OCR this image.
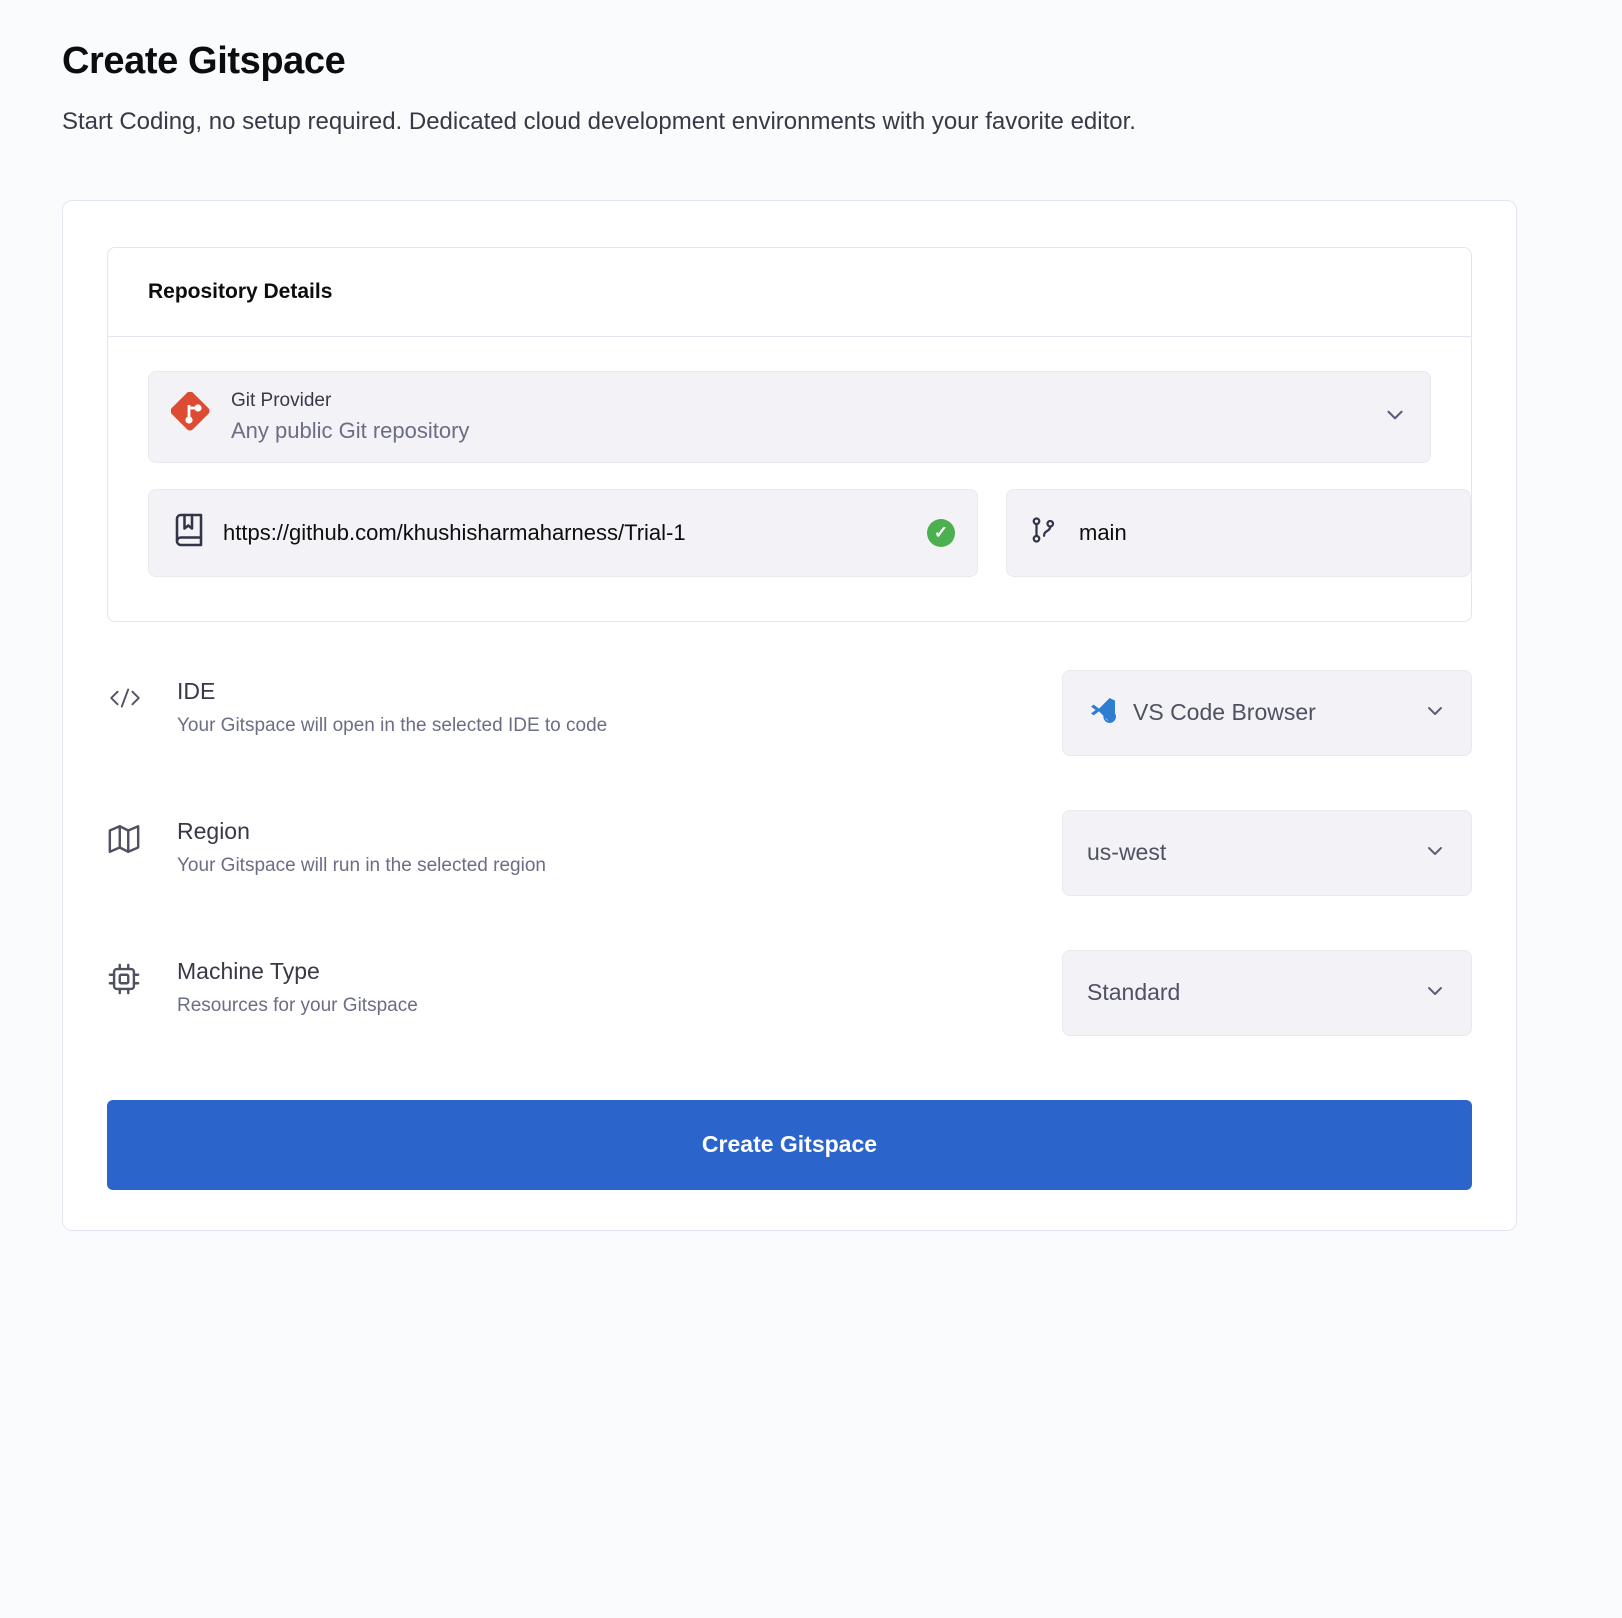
Create Gitspace

Start Coding, no setup required. Dedicated cloud development environments with your favorite editor.

Repository Details
Git Provider
Any public Git repository
https://github.com/khushisharmaharness/Trial-1	✓	main
IDE
Your Gitspace will open in the selected IDE to code	VS Code Browser
Region
Your Gitspace will run in the selected region	us-west
Machine Type
Resources for your Gitspace	Standard
Create Gitspace
